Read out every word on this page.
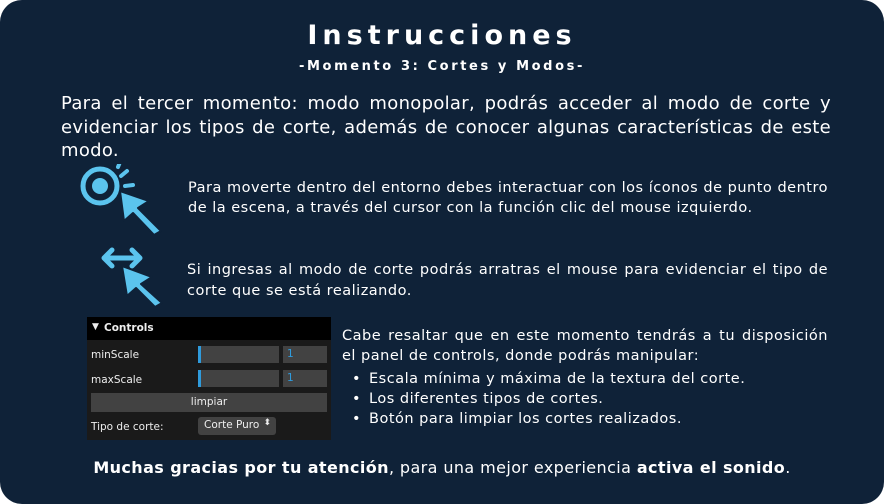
Instrucciones
-Momento 3: Cortes y Modos-
Para el tercer momento: modo monopolar, podrás acceder al modo de corte y evidenciar los tipos de corte, además de conocer algunas características de este modo.
Para moverte dentro del entorno debes interactuar con los íconos de punto dentro de la escena, a través del cursor con la función clic del mouse izquierdo.
Si ingresas al modo de corte podrás arratras el mouse para evidenciar el tipo de corte que se está realizando.
▼ Controls
minScale	1
maxScale	1
limpiar
Tipo de corte:	Corte Puro ⬍
Cabe resaltar que en este momento tendrás a tu disposición el panel de controls, donde podrás manipular:
• Escala mínima y máxima de la textura del corte.
• Los diferentes tipos de cortes.
• Botón para limpiar los cortes realizados.
Muchas gracias por tu atención, para una mejor experiencia activa el sonido.
